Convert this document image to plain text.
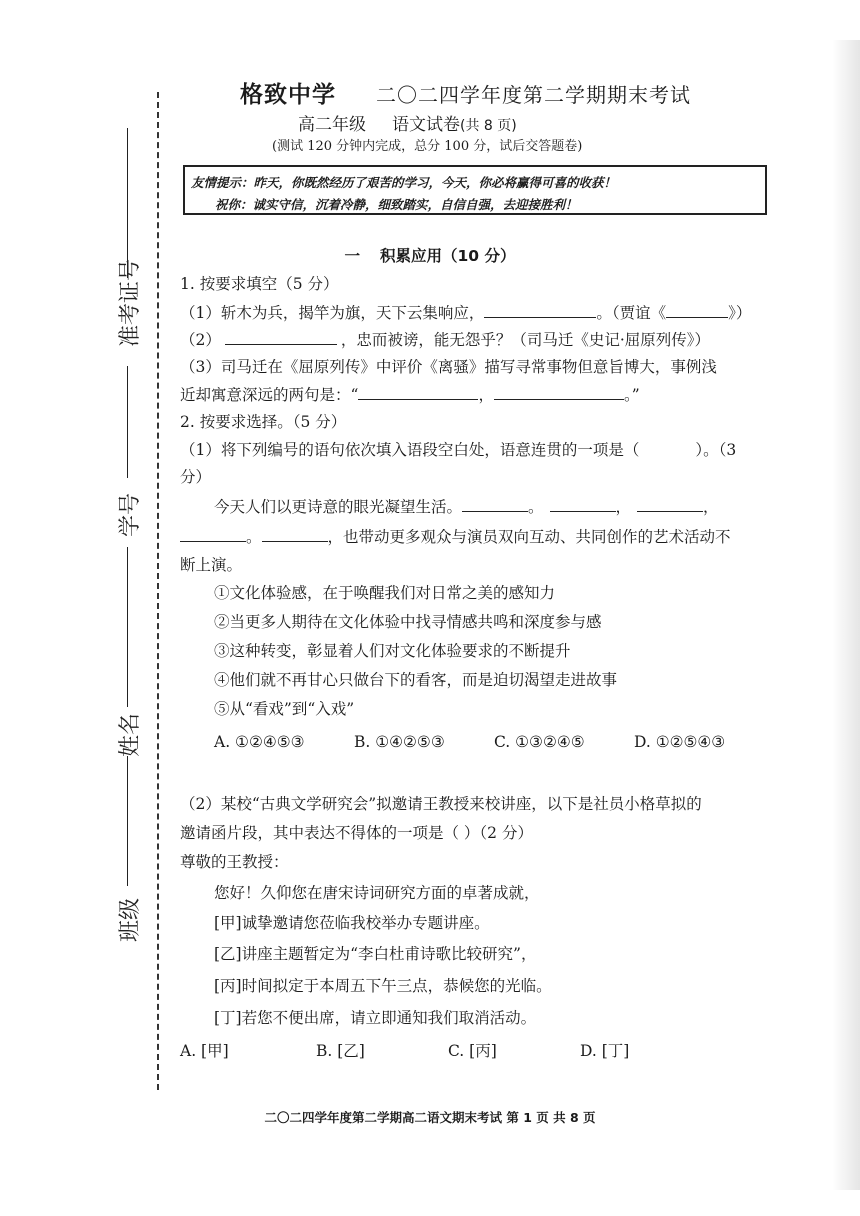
准考证号
学号
姓名
班级
格致中学 二〇二四学年度第二学期期末考试
高二年级 语文试卷(共 8 页)
(测试 120 分钟内完成，总分 100 分，试后交答题卷)
友情提示：昨天，你既然经历了艰苦的学习，今天，你必将赢得可喜的收获！
祝你：诚实守信，沉着冷静，细致踏实，自信自强，去迎接胜利！
一 积累应用（10 分）
1. 按要求填空（5 分）
（1）斩木为兵，揭竿为旗，天下云集响应，	。（贾谊《	》）
（2）	，忠而被谤，能无怨乎？（司马迁《史记·屈原列传》）
（3）司马迁在《屈原列传》中评价《离骚》描写寻常事物但意旨博大，事例浅
近却寓意深远的两句是：“	，	。”
2. 按要求选择。（5 分）
（1）将下列编号的语句依次填入语段空白处，语意连贯的一项是（	）。（3
分）
今天人们以更诗意的眼光凝望生活。	。	，	，
。	，也带动更多观众与演员双向互动、共同创作的艺术活动不
断上演。
①文化体验感，在于唤醒我们对日常之美的感知力
②当更多人期待在文化体验中找寻情感共鸣和深度参与感
③这种转变，彰显着人们对文化体验要求的不断提升
④他们就不再甘心只做台下的看客，而是迫切渴望走进故事
⑤从“看戏”到“入戏”
A. ①②④⑤③	B. ①④②⑤③	C. ①③②④⑤	D. ①②⑤④③
（2）某校“古典文学研究会”拟邀请王教授来校讲座，以下是社员小格草拟的
邀请函片段，其中表达不得体的一项是（ ）（2 分）
尊敬的王教授：
您好！久仰您在唐宋诗词研究方面的卓著成就，
[甲]诚挚邀请您莅临我校举办专题讲座。
[乙]讲座主题暂定为“李白杜甫诗歌比较研究”，
[丙]时间拟定于本周五下午三点，恭候您的光临。
[丁]若您不便出席，请立即通知我们取消活动。
A. [甲]	B. [乙]	C. [丙]	D. [丁]
二〇二四学年度第二学期高二语文期末考试 第 1 页 共 8 页
